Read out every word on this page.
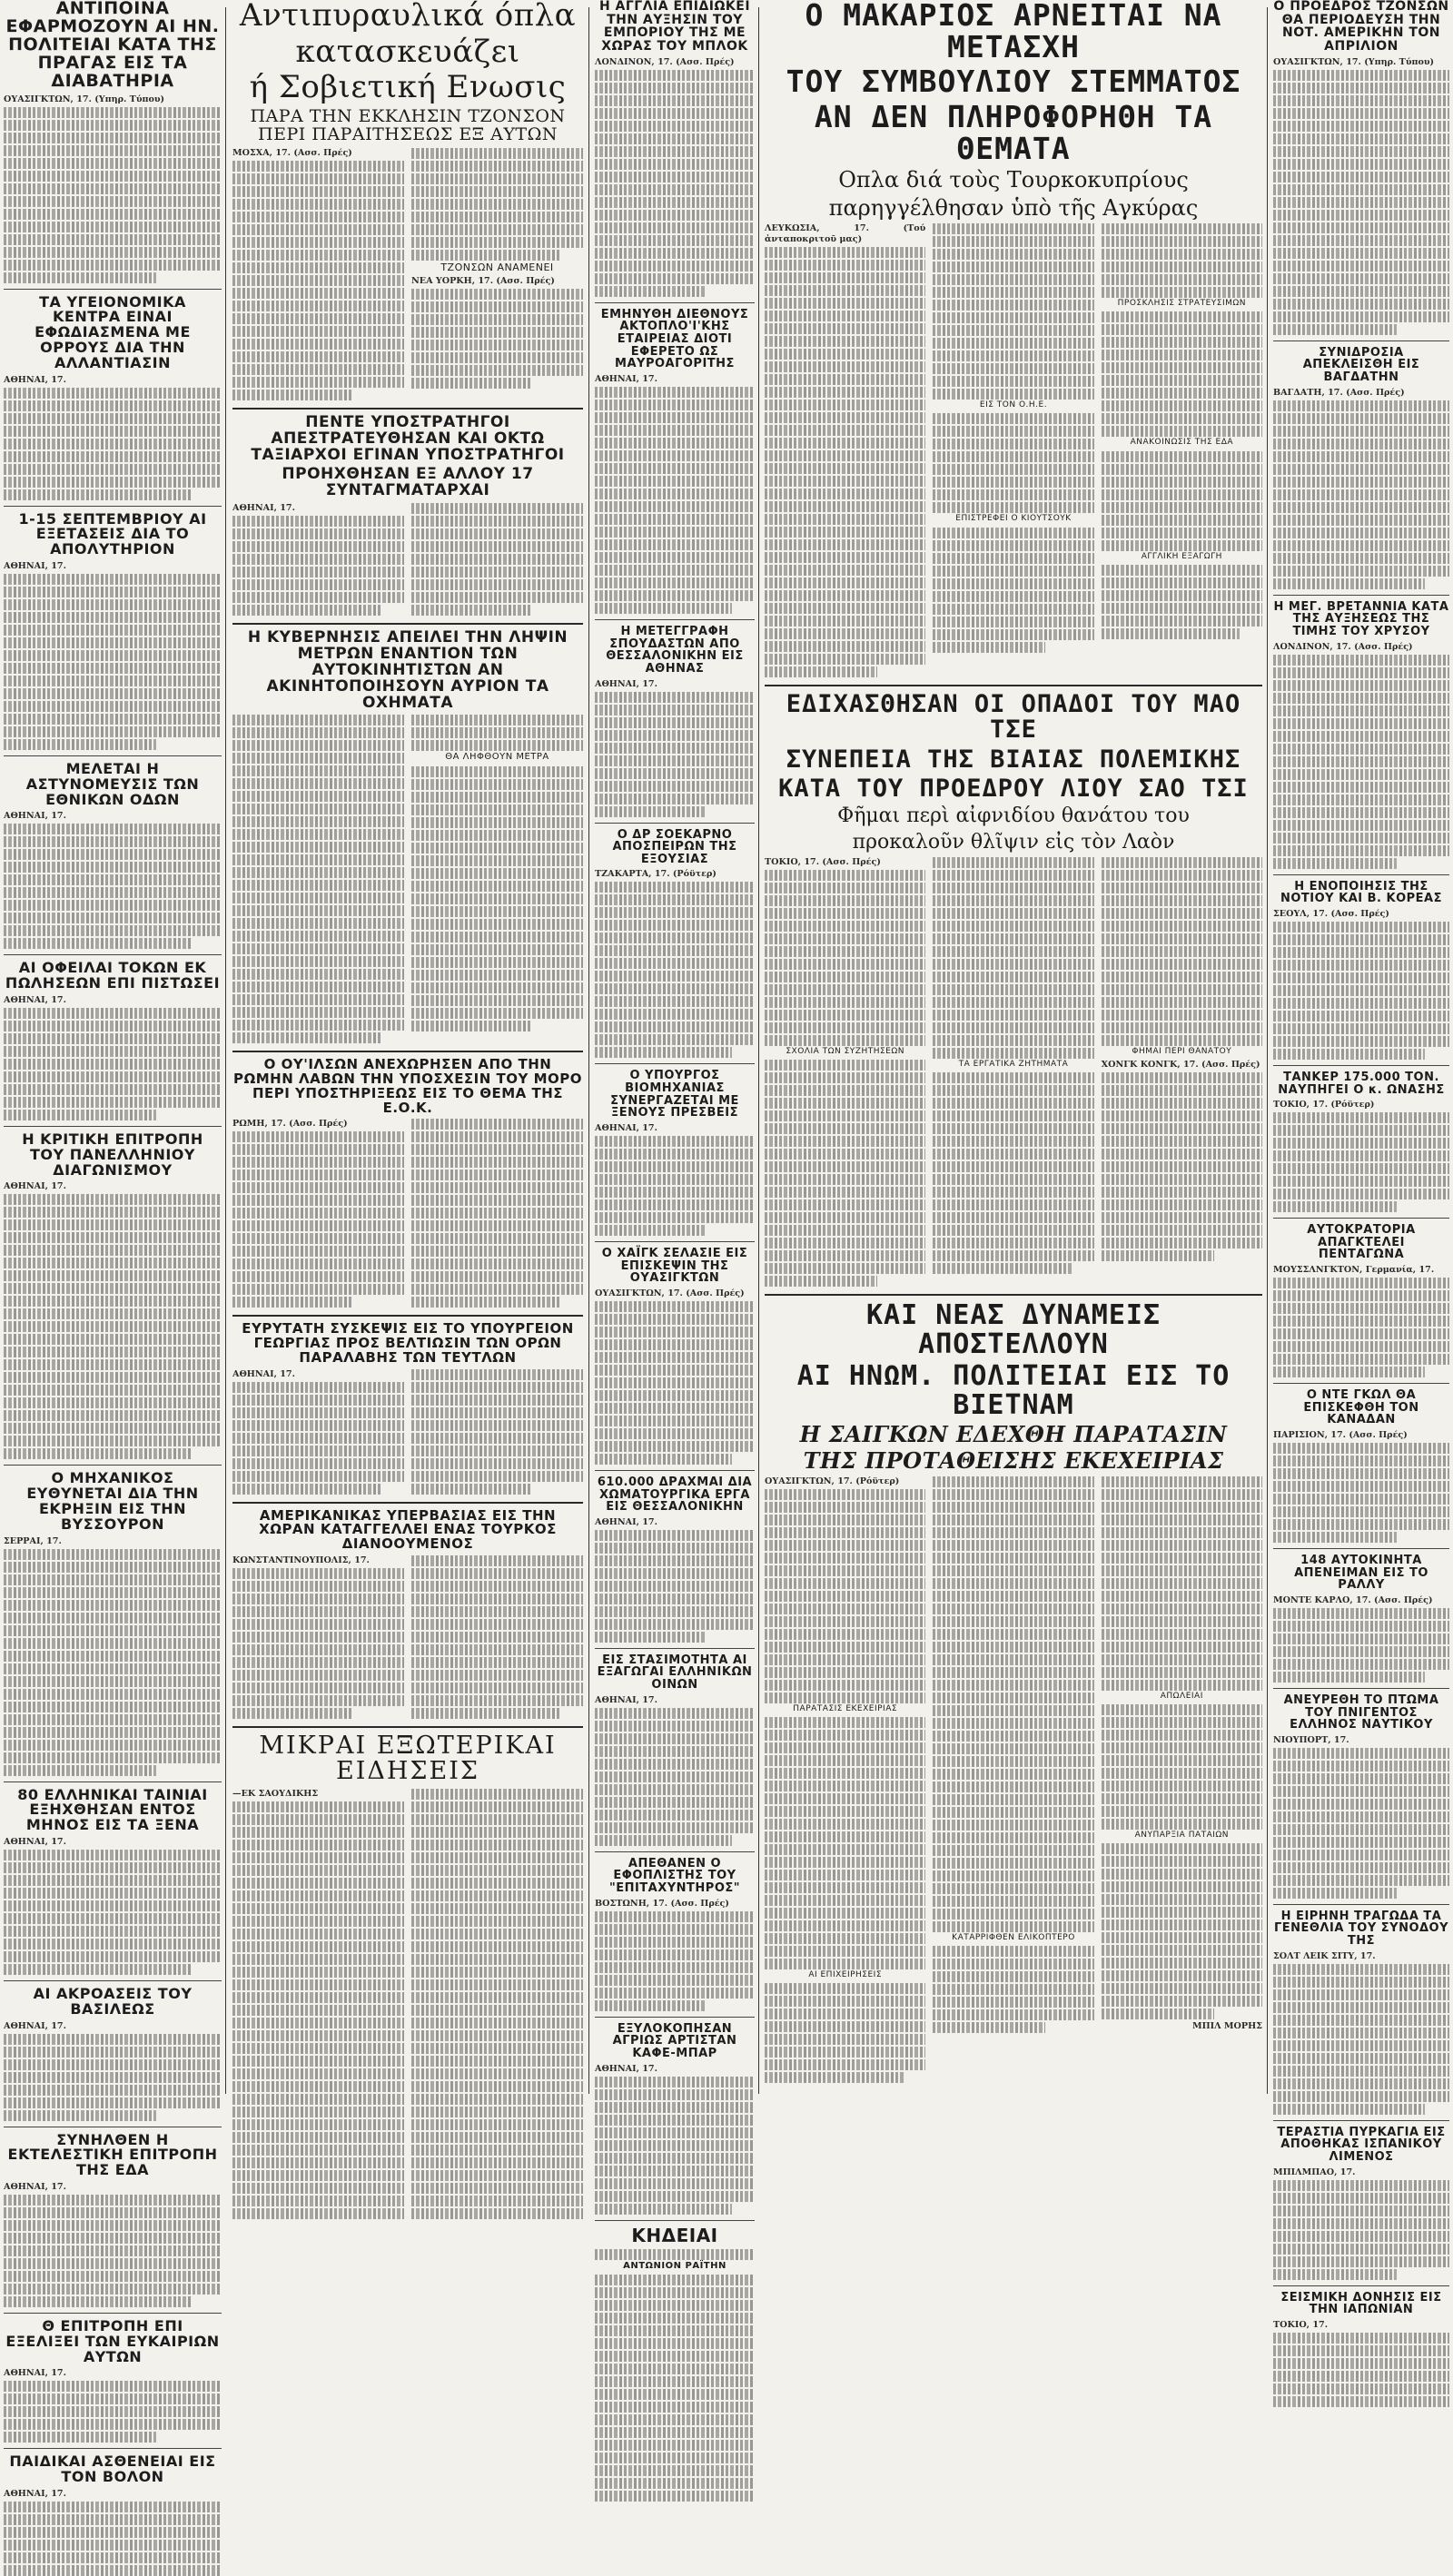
ΑΝΤΙΠΟΙΝΑ ΕΦΑΡΜΟΖΟΥΝ ΑΙ ΗΝ. ΠΟΛΙΤΕΙΑΙ ΚΑΤΑ ΤΗΣ ΠΡΑΓΑΣ ΕΙΣ ΤΑ ΔΙΑΒΑΤΗΡΙΑ
ΟΥΑΣΙΓΚΤΩΝ, 17. (Υπηρ. Τύπου)
ΤΑ ΥΓΕΙΟΝΟΜΙΚΑ ΚΕΝΤΡΑ ΕΙΝΑΙ ΕΦΩΔΙΑΣΜΕΝΑ ΜΕ ΟΡΡΟΥΣ ΔΙΑ ΤΗΝ ΑΛΛΑΝΤΙΑΣΙΝ
ΑΘΗΝΑΙ, 17.
1-15 ΣΕΠΤΕΜΒΡΙΟΥ ΑΙ ΕΞΕΤΑΣΕΙΣ ΔΙΑ ΤΟ ΑΠΟΛΥΤΗΡΙΟΝ
ΑΘΗΝΑΙ, 17.
ΜΕΛΕΤΑΙ Η ΑΣΤΥΝΟΜΕΥΣΙΣ ΤΩΝ ΕΘΝΙΚΩΝ ΟΔΩΝ
ΑΘΗΝΑΙ, 17.
ΑΙ ΟΦΕΙΛΑΙ ΤΟΚΩΝ ΕΚ ΠΩΛΗΣΕΩΝ ΕΠΙ ΠΙΣΤΩΣΕΙ
ΑΘΗΝΑΙ, 17.
Η ΚΡΙΤΙΚΗ ΕΠΙΤΡΟΠΗ ΤΟΥ ΠΑΝΕΛΛΗΝΙΟΥ ΔΙΑΓΩΝΙΣΜΟΥ
ΑΘΗΝΑΙ, 17.
Ο ΜΗΧΑΝΙΚΟΣ ΕΥΘΥΝΕΤΑΙ ΔΙΑ ΤΗΝ ΕΚΡΗΞΙΝ ΕΙΣ ΤΗΝ ΒΥΣΣΟΥΡΟΝ
ΣΕΡΡΑΙ, 17.
80 ΕΛΛΗΝΙΚΑΙ ΤΑΙΝΙΑΙ ΕΞΗΧΘΗΣΑΝ ΕΝΤΟΣ ΜΗΝΟΣ ΕΙΣ ΤΑ ΞΕΝΑ
ΑΘΗΝΑΙ, 17.
ΑΙ ΑΚΡΟΑΣΕΙΣ ΤΟΥ ΒΑΣΙΛΕΩΣ
ΑΘΗΝΑΙ, 17.
ΣΥΝΗΛΘΕΝ Η ΕΚΤΕΛΕΣΤΙΚΗ ΕΠΙΤΡΟΠΗ ΤΗΣ ΕΔΑ
ΑΘΗΝΑΙ, 17.
Θ ΕΠΙΤΡΟΠΗ ΕΠΙ ΕΞΕΛΙΞΕΙ ΤΩΝ ΕΥΚΑΙΡΙΩΝ ΑΥΤΩΝ
ΑΘΗΝΑΙ, 17.
ΠΑΙΔΙΚΑΙ ΑΣΘΕΝΕΙΑΙ ΕΙΣ ΤΟΝ ΒΟΛΟΝ
ΑΘΗΝΑΙ, 17.
Αντιπυραυλικά όπλα
κατασκευάζει
ή Σοβιετική Ενωσις
ΠΑΡΑ ΤΗΝ ΕΚΚΛΗΣΙΝ ΤΖΟΝΣΟΝ ΠΕΡΙ ΠΑΡΑΙΤΗΣΕΩΣ ΕΞ ΑΥΤΩΝ
ΜΟΣΧΑ, 17. (Ασσ. Πρές)
ΤΖΟΝΣΩΝ ΑΝΑΜΕΝΕΙ
ΝΕΑ ΥΟΡΚΗ, 17. (Ασσ. Πρές)
ΠΕΝΤΕ ΥΠΟΣΤΡΑΤΗΓΟΙ ΑΠΕΣΤΡΑΤΕΥΘΗΣΑΝ ΚΑΙ ΟΚΤΩ ΤΑΞΙΑΡΧΟΙ ΕΓΙΝΑΝ ΥΠΟΣΤΡΑΤΗΓΟΙ
ΠΡΟΗΧΘΗΣΑΝ ΕΞ ΑΛΛΟΥ 17 ΣΥΝΤΑΓΜΑΤΑΡΧΑΙ
ΑΘΗΝΑΙ, 17.
Η ΚΥΒΕΡΝΗΣΙΣ ΑΠΕΙΛΕΙ ΤΗΝ ΛΗΨΙΝ ΜΕΤΡΩΝ ΕΝΑΝΤΙΟΝ ΤΩΝ ΑΥΤΟΚΙΝΗΤΙΣΤΩΝ ΑΝ ΑΚΙΝΗΤΟΠΟΙΗΣΟΥΝ ΑΥΡΙΟΝ ΤΑ ΟΧΗΜΑΤΑ
ΘΑ ΛΗΦΘΟΥΝ ΜΕΤΡΑ
Ο ΟΥ'ΙΛΣΩΝ ΑΝΕΧΩΡΗΣΕΝ ΑΠΟ ΤΗΝ ΡΩΜΗΝ ΛΑΒΩΝ ΤΗΝ ΥΠΟΣΧΕΣΙΝ ΤΟΥ ΜΟΡΟ ΠΕΡΙ ΥΠΟΣΤΗΡΙΞΕΩΣ ΕΙΣ ΤΟ ΘΕΜΑ ΤΗΣ Ε.Ο.Κ.
ΡΩΜΗ, 17. (Ασσ. Πρές)
ΕΥΡΥΤΑΤΗ ΣΥΣΚΕΨΙΣ ΕΙΣ ΤΟ ΥΠΟΥΡΓΕΙΟΝ ΓΕΩΡΓΙΑΣ ΠΡΟΣ ΒΕΛΤΙΩΣΙΝ ΤΩΝ ΟΡΩΝ ΠΑΡΑΛΑΒΗΣ ΤΩΝ ΤΕΥΤΛΩΝ
ΑΘΗΝΑΙ, 17.
ΑΜΕΡΙΚΑΝΙΚΑΣ ΥΠΕΡΒΑΣΙΑΣ ΕΙΣ ΤΗΝ ΧΩΡΑΝ ΚΑΤΑΓΓΕΛΛΕΙ ΕΝΑΣ ΤΟΥΡΚΟΣ ΔΙΑΝΟΟΥΜΕΝΟΣ
ΚΩΝΣΤΑΝΤΙΝΟΥΠΟΛΙΣ, 17.
ΜΙΚΡΑΙ ΕΞΩΤΕΡΙΚΑΙ ΕΙΔΗΣΕΙΣ
—ΕΚ ΣΑΟΥΔΙΚΗΣ
Η ΑΓΓΛΙΑ ΕΠΙΔΙΩΚΕΙ ΤΗΝ ΑΥΞΗΣΙΝ ΤΟΥ ΕΜΠΟΡΙΟΥ ΤΗΣ ΜΕ ΧΩΡΑΣ ΤΟΥ ΜΠΛΟΚ
ΛΟΝΔΙΝΟΝ, 17. (Ασσ. Πρές)
ΕΜΗΝΥΘΗ ΔΙΕΘΝΟΥΣ ΑΚΤΟΠΛΟ'Ι'ΚΗΣ ΕΤΑΙΡΕΙΑΣ ΔΙΟΤΙ ΕΦΕΡΕΤΟ ΩΣ ΜΑΥΡΟΑΓΟΡΙΤΗΣ
ΑΘΗΝΑΙ, 17.
Η ΜΕΤΕΓΓΡΑΦΗ ΣΠΟΥΔΑΣΤΩΝ ΑΠΟ ΘΕΣΣΑΛΟΝΙΚΗΝ ΕΙΣ ΑΘΗΝΑΣ
ΑΘΗΝΑΙ, 17.
Ο ΔΡ ΣΟΕΚΑΡΝΟ ΑΠΟΣΠΕΙΡΩΝ ΤΗΣ ΕΞΟΥΣΙΑΣ
ΤΖΑΚΑΡΤΑ, 17. (Ρόϋτερ)
Ο ΥΠΟΥΡΓΟΣ ΒΙΟΜΗΧΑΝΙΑΣ ΣΥΝΕΡΓΑΖΕΤΑΙ ΜΕ ΞΕΝΟΥΣ ΠΡΕΣΒΕΙΣ
ΑΘΗΝΑΙ, 17.
Ο ΧΑΪΓΚ ΣΕΛΑΣΙΕ ΕΙΣ ΕΠΙΣΚΕΨΙΝ ΤΗΣ ΟΥΑΣΙΓΚΤΩΝ
ΟΥΑΣΙΓΚΤΩΝ, 17. (Ασσ. Πρές)
610.000 ΔΡΑΧΜΑΙ ΔΙΑ ΧΩΜΑΤΟΥΡΓΙΚΑ ΕΡΓΑ ΕΙΣ ΘΕΣΣΑΛΟΝΙΚΗΝ
ΑΘΗΝΑΙ, 17.
ΕΙΣ ΣΤΑΣΙΜΟΤΗΤΑ ΑΙ ΕΞΑΓΩΓΑΙ ΕΛΛΗΝΙΚΩΝ ΟΙΝΩΝ
ΑΘΗΝΑΙ, 17.
ΑΠΕΘΑΝΕΝ Ο ΕΦΟΠΛΙΣΤΗΣ ΤΟΥ "ΕΠΙΤΑΧΥΝΤΗΡΟΣ"
ΒΟΣΤΩΝΗ, 17. (Ασσ. Πρές)
ΕΞΥΛΟΚΟΠΗΣΑΝ ΑΓΡΙΩΣ ΑΡΤΙΣΤΑΝ ΚΑΦΕ-ΜΠΑΡ
ΑΘΗΝΑΙ, 17.
ΚΗΔΕΙΑΙ
ΑΝΤΩΝΙΟΝ ΡΑΪΤΗΝ
Ο ΜΑΚΑΡΙΟΣ ΑΡΝΕΙΤΑΙ ΝΑ ΜΕΤΑΣΧΗ
ΤΟΥ ΣΥΜΒΟΥΛΙΟΥ ΣΤΕΜΜΑΤΟΣ
ΑΝ ΔΕΝ ΠΛΗΡΟΦΟΡΗΘΗ ΤΑ ΘΕΜΑΤΑ
Οπλα διά τοὺς Τουρκοκυπρίους
παρηγγέλθησαν ὑπὸ τῆς Αγκύρας
ΛΕΥΚΩΣΙΑ, 17. (Τού ἀνταποκριτοῦ μας)
ΕΙΣ ΤΟΝ Ο.Η.Ε.
ΕΠΙΣΤΡΕΦΕΙ Ο ΚΙΟΥΤΣΟΥΚ
ΠΡΟΣΚΛΗΣΙΣ ΣΤΡΑΤΕΥΣΙΜΩΝ
ΑΝΑΚΟΙΝΩΣΙΣ ΤΗΣ ΕΔΑ
ΑΓΓΛΙΚΗ ΕΞΑΓΩΓΗ
ΕΔΙΧΑΣΘΗΣΑΝ ΟΙ ΟΠΑΔΟΙ ΤΟΥ ΜΑΟ ΤΣΕ
ΣΥΝΕΠΕΙΑ ΤΗΣ ΒΙΑΙΑΣ ΠΟΛΕΜΙΚΗΣ
ΚΑΤΑ ΤΟΥ ΠΡΟΕΔΡΟΥ ΛΙΟΥ ΣΑΟ ΤΣΙ
Φῆμαι περὶ αἰφνιδίου θανάτου του
προκαλοῦν θλῖψιν εἰς τὸν Λαὸν
ΤΟΚΙΟ, 17. (Ασσ. Πρές)
ΣΧΟΛΙΑ ΤΩΝ ΣΥΖΗΤΗΣΕΩΝ
ΤΑ ΕΡΓΑΤΙΚΑ ΖΗΤΗΜΑΤΑ
ΦΗΜΑΙ ΠΕΡΙ ΘΑΝΑΤΟΥ
ΧΟΝΓΚ ΚΟΝΓΚ, 17. (Ασσ. Πρές)
ΚΑΙ ΝΕΑΣ ΔΥΝΑΜΕΙΣ ΑΠΟΣΤΕΛΛΟΥΝ
ΑΙ ΗΝΩΜ. ΠΟΛΙΤΕΙΑΙ ΕΙΣ ΤΟ ΒΙΕΤΝΑΜ
Η ΣΑΙΓΚΩΝ ΕΔΕΧΘΗ ΠΑΡΑΤΑΣΙΝ
ΤΗΣ ΠΡΟΤΑΘΕΙΣΗΣ ΕΚΕΧΕΙΡΙΑΣ
ΟΥΑΣΙΓΚΤΩΝ, 17. (Ρόϋτερ)
ΠΑΡΑΤΑΣΙΣ ΕΚΕΧΕΙΡΙΑΣ
ΑΙ ΕΠΙΧΕΙΡΗΣΕΙΣ
ΚΑΤΑΡΡΙΦΘΕΝ ΕΛΙΚΟΠΤΕΡΟ
ΑΠΩΛΕΙΑΙ
ΑΝΥΠΑΡΞΙΑ ΠΑΤΑΙΩΝ
ΜΠΙΛ ΜΟΡΗΣ
Ο ΠΡΟΕΔΡΟΣ ΤΖΟΝΣΩΝ ΘΑ ΠΕΡΙΟΔΕΥΣΗ ΤΗΝ ΝΟΤ. ΑΜΕΡΙΚΗΝ ΤΟΝ ΑΠΡΙΛΙΟΝ
ΟΥΑΣΙΓΚΤΩΝ, 17. (Υπηρ. Τύπου)
ΣΥΝΙΔΡΟΣΙΑ ΑΠΕΚΛΕΙΣΘΗ ΕΙΣ ΒΑΓΔΑΤΗΝ
ΒΑΓΔΑΤΗ, 17. (Ασσ. Πρές)
Η ΜΕΓ. ΒΡΕΤΑΝΝΙΑ ΚΑΤΑ ΤΗΣ ΑΥΞΗΣΕΩΣ ΤΗΣ ΤΙΜΗΣ ΤΟΥ ΧΡΥΣΟΥ
ΛΟΝΔΙΝΟΝ, 17. (Ασσ. Πρές)
Η ΕΝΟΠΟΙΗΣΙΣ ΤΗΣ ΝΟΤΙΟΥ ΚΑΙ Β. ΚΟΡΕΑΣ
ΣΕΟΥΛ, 17. (Ασσ. Πρές)
ΤΑΝΚΕΡ 175.000 ΤΟΝ. ΝΑΥΠΗΓΕΙ Ο κ. ΩΝΑΣΗΣ
ΤΟΚΙΟ, 17. (Ρόϋτερ)
ΑΥΤΟΚΡΑΤΟΡΙΑ ΑΠΑΓΚΤΕΛΕΙ ΠΕΝΤΑΓΩΝΑ
ΜΟΥΣΣΛΝΓΚΤΟΝ, Γερμανία, 17.
Ο ΝΤΕ ΓΚΩΛ ΘΑ ΕΠΙΣΚΕΦΘΗ ΤΟΝ ΚΑΝΑΔΑΝ
ΠΑΡΙΣΙΟΝ, 17. (Ασσ. Πρές)
148 ΑΥΤΟΚΙΝΗΤΑ ΑΠΕΝΕΙΜΑΝ ΕΙΣ ΤΟ ΡΑΛΛΥ
ΜΟΝΤΕ ΚΑΡΛΟ, 17. (Ασσ. Πρές)
ΑΝΕΥΡΕΘΗ ΤΟ ΠΤΩΜΑ ΤΟΥ ΠΝΙΓΕΝΤΟΣ ΕΛΛΗΝΟΣ ΝΑΥΤΙΚΟΥ
ΝΙΟΥΠΟΡΤ, 17.
Η ΕΙΡΗΝΗ ΤΡΑΓΩΔΑ ΤΑ ΓΕΝΕΘΛΙΑ ΤΟΥ ΣΥΝΟΔΟΥ ΤΗΣ
ΣΟΛΤ ΛΕΙΚ ΣΙΤΥ, 17.
ΤΕΡΑΣΤΙΑ ΠΥΡΚΑΓΙΑ ΕΙΣ ΑΠΟΘΗΚΑΣ ΙΣΠΑΝΙΚΟΥ ΛΙΜΕΝΟΣ
ΜΠΙΛΜΠΑΟ, 17.
ΣΕΙΣΜΙΚΗ ΔΟΝΗΣΙΣ ΕΙΣ ΤΗΝ ΙΑΠΩΝΙΑΝ
ΤΟΚΙΟ, 17.
